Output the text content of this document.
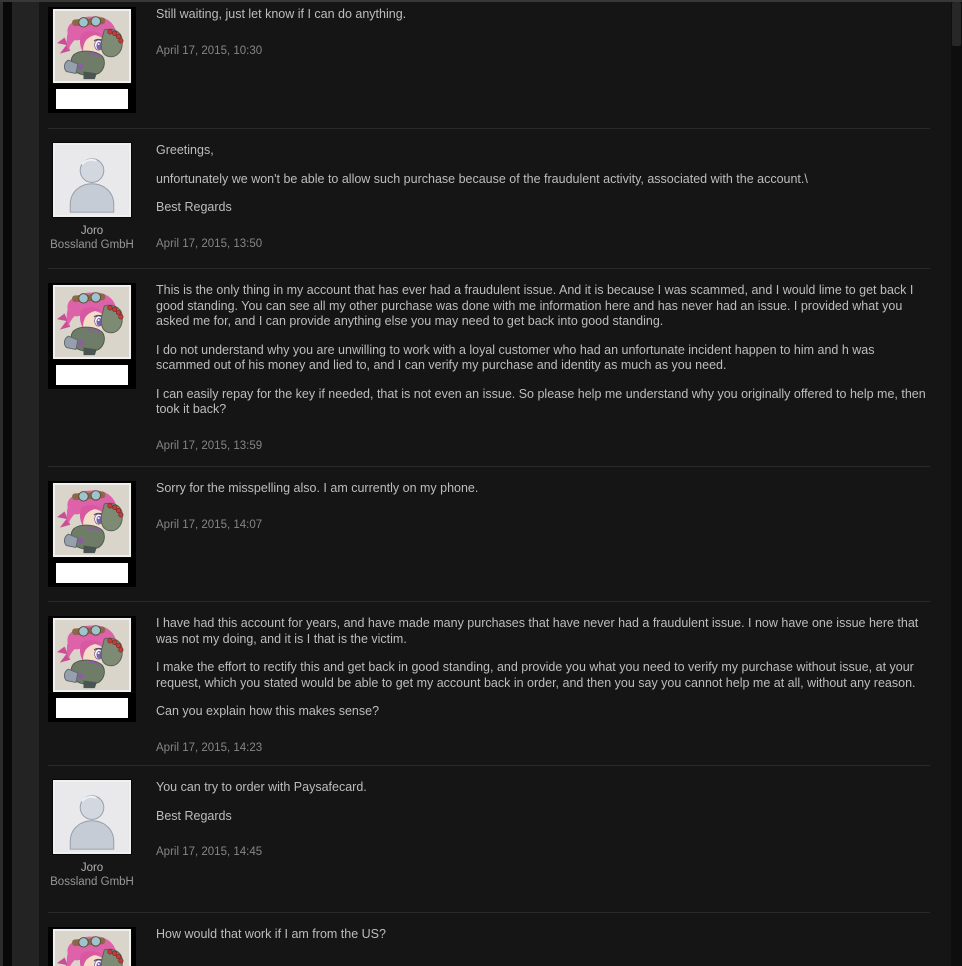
Still waiting, just let know if I can do anything.

April 17, 2015, 10:30
Joro
Bossland GmbH

Greetings,

unfortunately we won't be able to allow such purchase because of the fraudulent activity, associated with the account.\

Best Regards

April 17, 2015, 13:50

This is the only thing in my account that has ever had a fraudulent issue. And it is because I was scammed, and I would lime to get back I good standing. You can see all my other purchase was done with me information here and has never had an issue. I provided what you asked me for, and I can provide anything else you may need to get back into good standing.

I do not understand why you are unwilling to work with a loyal customer who had an unfortunate incident happen to him and h was scammed out of his money and lied to, and I can verify my purchase and identity as much as you need.

I can easily repay for the key if needed, that is not even an issue. So please help me understand why you originally offered to help me, then took it back?

April 17, 2015, 13:59

Sorry for the misspelling also. I am currently on my phone.

April 17, 2015, 14:07

I have had this account for years, and have made many purchases that have never had a fraudulent issue. I now have one issue here that was not my doing, and it is I that is the victim.

I make the effort to rectify this and get back in good standing, and provide you what you need to verify my purchase without issue, at your request, which you stated would be able to get my account back in order, and then you say you cannot help me at all, without any reason.

Can you explain how this makes sense?

April 17, 2015, 14:23
Joro
Bossland GmbH

You can try to order with Paysafecard.

Best Regards

April 17, 2015, 14:45

How would that work if I am from the US?
